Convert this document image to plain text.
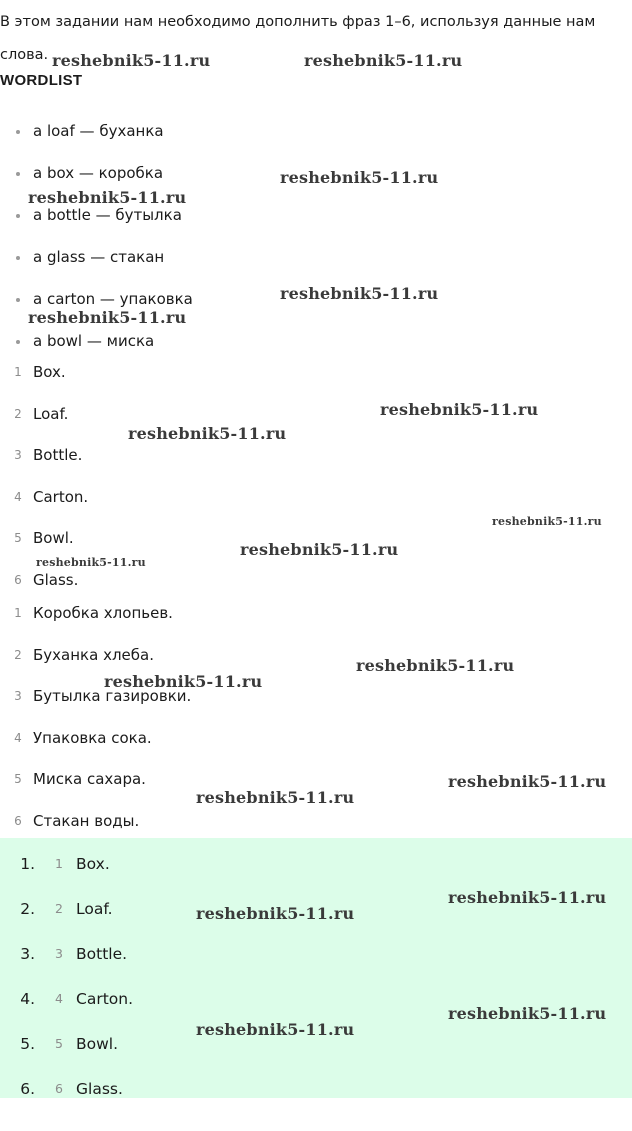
В этом задании нам необходимо дополнить фраз 1–6, используя данные нам слова.

WORDLIST
a loaf — буханка
a box — коробка
a bottle — бутылка
a glass — стакан
a carton — упаковка
a bowl — миска
1 Box.
2 Loaf.
3 Bottle.
4 Carton.
5 Bowl.
6 Glass.
1 Коробка хлопьев.
2 Буханка хлеба.
3 Бутылка газировки.
4 Упаковка сока.
5 Миска сахара.
6 Стакан воды.
1. 1 Box.
2. 2 Loaf.
3. 3 Bottle.
4. 4 Carton.
5. 5 Bowl.
6. 6 Glass.
reshebnik5-11.ru	reshebnik5-11.ru
reshebnik5-11.ru
reshebnik5-11.ru
reshebnik5-11.ru
reshebnik5-11.ru
reshebnik5-11.ru
reshebnik5-11.ru
reshebnik5-11.ru
reshebnik5-11.ru
reshebnik5-11.ru
reshebnik5-11.ru
reshebnik5-11.ru
reshebnik5-11.ru
reshebnik5-11.ru
reshebnik5-11.ru
reshebnik5-11.ru
reshebnik5-11.ru
reshebnik5-11.ru
